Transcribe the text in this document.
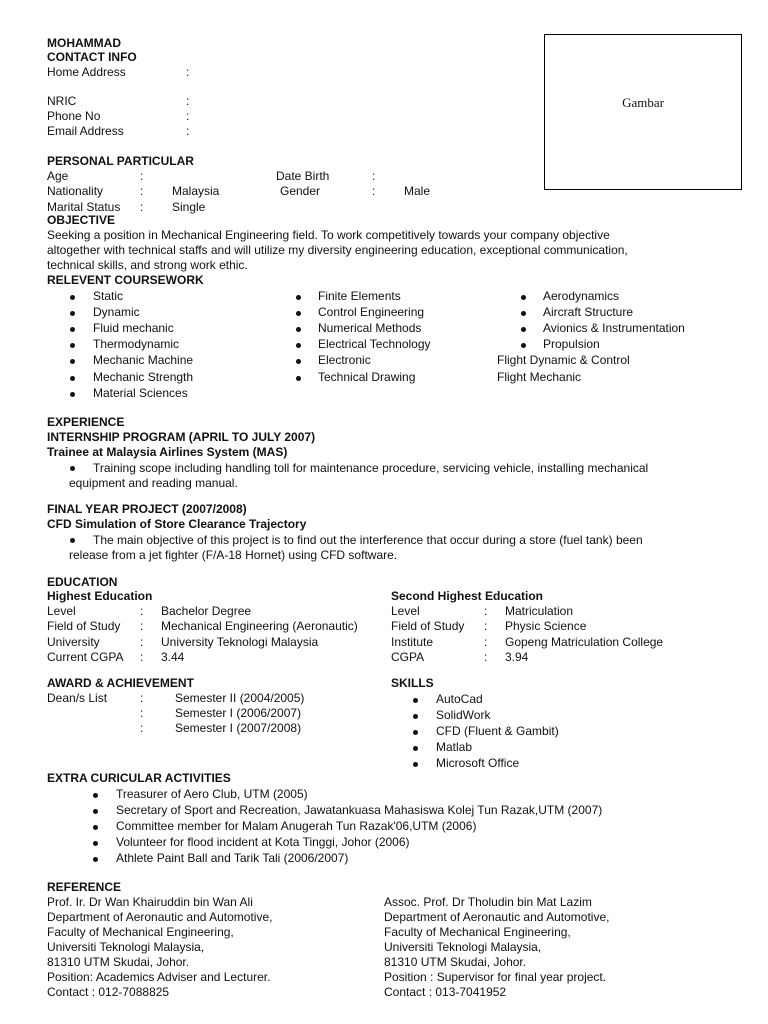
MOHAMMAD
CONTACT INFO
Home Address	:
NRIC	:
Phone No	:
Email Address	:
Gambar
PERSONAL PARTICULAR
Age	:	Date Birth	:
Nationality	: Malaysia	Gender	: Male
Marital Status : Single
OBJECTIVE
Seeking a position in Mechanical Engineering field. To work competitively towards your company objective
altogether with technical staffs and will utilize my diversity engineering education, exceptional communication,
technical skills, and strong work ethic.
RELEVENT COURSEWORK
Static
Dynamic
Fluid mechanic
Thermodynamic
Mechanic Machine
Mechanic Strength
Material Sciences
Finite Elements
Control Engineering
Numerical Methods
Electrical Technology
Electronic
Technical Drawing
Aerodynamics
Aircraft Structure
Avionics & Instrumentation
Propulsion
Flight Dynamic & Control
Flight Mechanic
EXPERIENCE
INTERNSHIP PROGRAM (APRIL TO JULY 2007)
Trainee at Malaysia Airlines System (MAS)
Training scope including handling toll for maintenance procedure, servicing vehicle, installing mechanical
equipment and reading manual.
FINAL YEAR PROJECT (2007/2008)
CFD Simulation of Store Clearance Trajectory
The main objective of this project is to find out the interference that occur during a store (fuel tank) been
release from a jet fighter (F/A-18 Hornet) using CFD software.
EDUCATION
Highest Education
Level	: Bachelor Degree
Field of Study : Mechanical Engineering (Aeronautic)
University	: University Teknologi Malaysia
Current CGPA : 3.44
Second Highest Education
Level	: Matriculation
Field of Study : Physic Science
Institute	: Gopeng Matriculation College
CGPA	: 3.94
AWARD & ACHIEVEMENT
Dean/s List	:	Semester II (2004/2005)
:	Semester I (2006/2007)
:	Semester I (2007/2008)
SKILLS
AutoCad
SolidWork
CFD (Fluent & Gambit)
Matlab
Microsoft Office
EXTRA CURICULAR ACTIVITIES
Treasurer of Aero Club, UTM (2005)
Secretary of Sport and Recreation, Jawatankuasa Mahasiswa Kolej Tun Razak,UTM (2007)
Committee member for Malam Anugerah Tun Razak'06,UTM (2006)
Volunteer for flood incident at Kota Tinggi, Johor (2006)
Athlete Paint Ball and Tarik Tali (2006/2007)
REFERENCE
Prof. Ir. Dr Wan Khairuddin bin Wan Ali
Department of Aeronautic and Automotive,
Faculty of Mechanical Engineering,
Universiti Teknologi Malaysia,
81310 UTM Skudai, Johor.
Position: Academics Adviser and Lecturer.
Contact : 012-7088825
Assoc. Prof. Dr Tholudin bin Mat Lazim
Department of Aeronautic and Automotive,
Faculty of Mechanical Engineering,
Universiti Teknologi Malaysia,
81310 UTM Skudai, Johor.
Position : Supervisor for final year project.
Contact : 013-7041952
